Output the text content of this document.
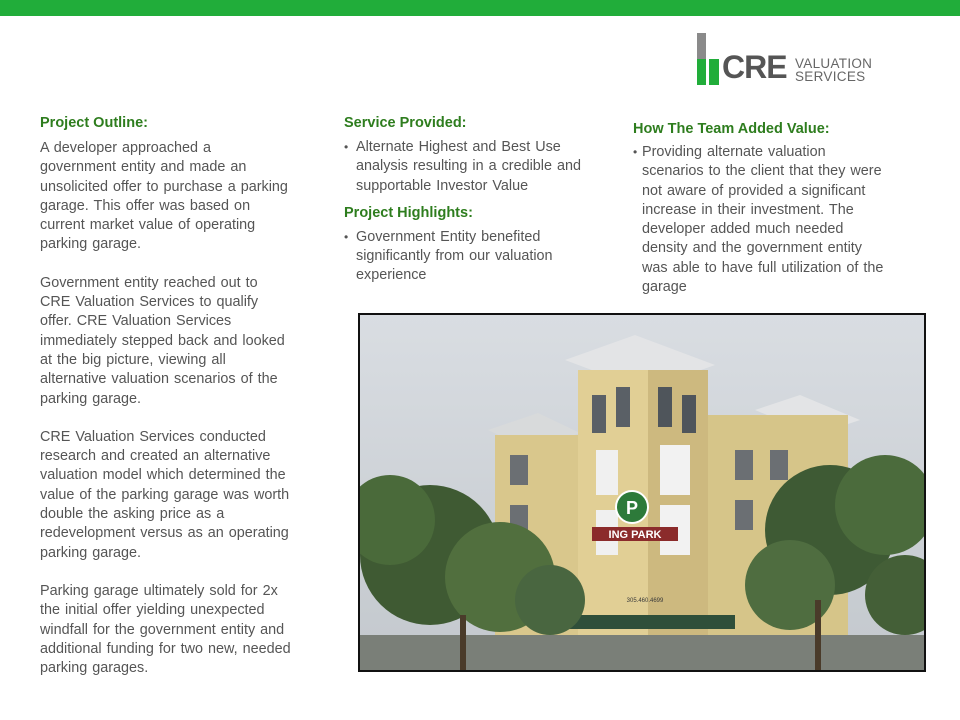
CRE VALUATION
SERVICES
Project Outline:
A developer approached a
government entity and made an
unsolicited offer to purchase a parking
garage. This offer was based on
current market value of operating
parking garage.
Government entity reached out to
CRE Valuation Services to qualify
offer. CRE Valuation Services
immediately stepped back and looked
at the big picture, viewing all
alternative valuation scenarios of the
parking garage.
CRE Valuation Services conducted
research and created an alternative
valuation model which determined the
value of the parking garage was worth
double the asking price as a
redevelopment versus as an operating
parking garage.
Parking garage ultimately sold for 2x
the initial offer yielding unexpected
windfall for the government entity and
additional funding for two new, needed
parking garages.
Service Provided:
• Alternate Highest and Best Use
analysis resulting in a credible and
supportable Investor Value
Project Highlights:
• Government Entity benefited
significantly from our valuation
experience
How The Team Added Value:
• Providing alternate valuation
scenarios to the client that they were
not aware of provided a significant
increase in their investment. The
developer added much needed
density and the government entity
was able to have full utilization of the
garage
P
ING PARK
305.460.4699
